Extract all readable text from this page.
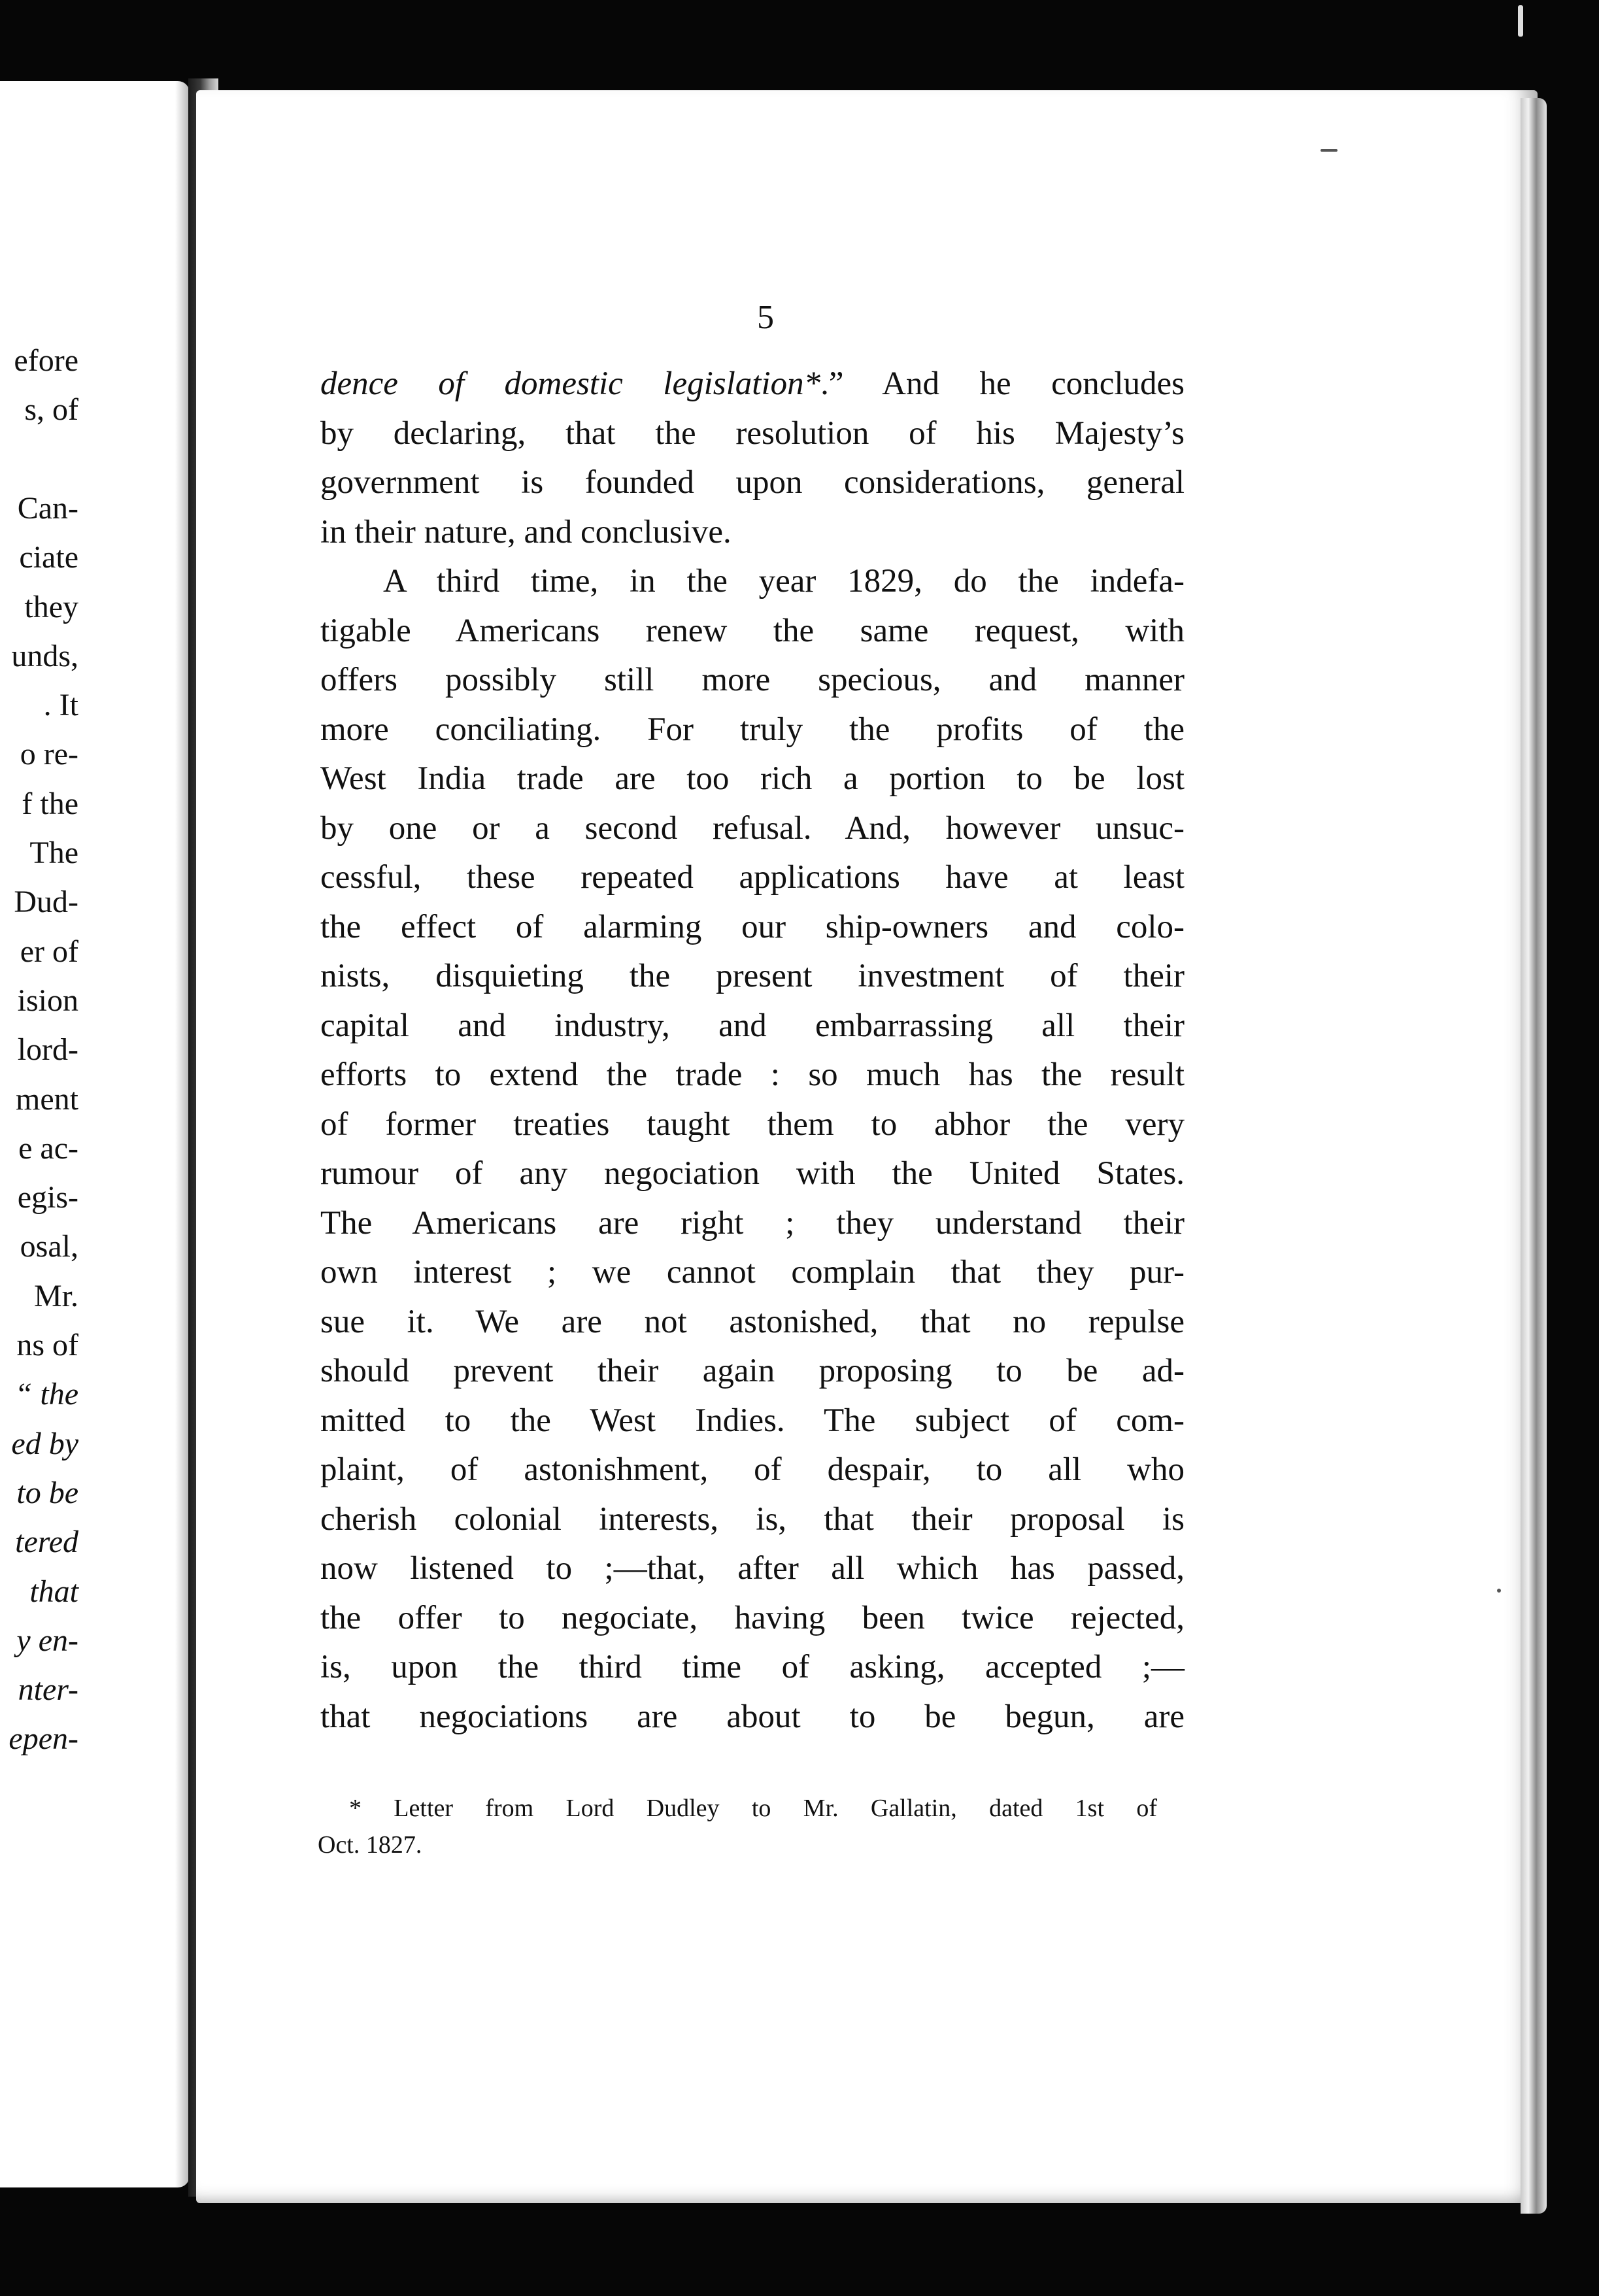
efore
s, of
Can-
ciate
they
unds,
. It
o re-
f the
The
Dud-
er of
ision
lord-
ment
e ac-
egis-
osal,
Mr.
ns of
“ the
ed by
to be
tered
that
y en-
nter-
epen-
5
dence of domestic legislation*.” And he concludes
by declaring, that the resolution of his Majesty’s
government is founded upon considerations, general
in their nature, and conclusive.
A third time, in the year 1829, do the indefa-
tigable Americans renew the same request, with
offers possibly still more specious, and manner
more conciliating. For truly the profits of the
West India trade are too rich a portion to be lost
by one or a second refusal. And, however unsuc-
cessful, these repeated applications have at least
the effect of alarming our ship-owners and colo-
nists, disquieting the present investment of their
capital and industry, and embarrassing all their
efforts to extend the trade : so much has the result
of former treaties taught them to abhor the very
rumour of any negociation with the United States.
The Americans are right ; they understand their
own interest ; we cannot complain that they pur-
sue it. We are not astonished, that no repulse
should prevent their again proposing to be ad-
mitted to the West Indies. The subject of com-
plaint, of astonishment, of despair, to all who
cherish colonial interests, is, that their proposal is
now listened to ;—that, after all which has passed,
the offer to negociate, having been twice rejected,
is, upon the third time of asking, accepted ;—
that negociations are about to be begun, are
* Letter from Lord Dudley to Mr. Gallatin, dated 1st of
Oct. 1827.
